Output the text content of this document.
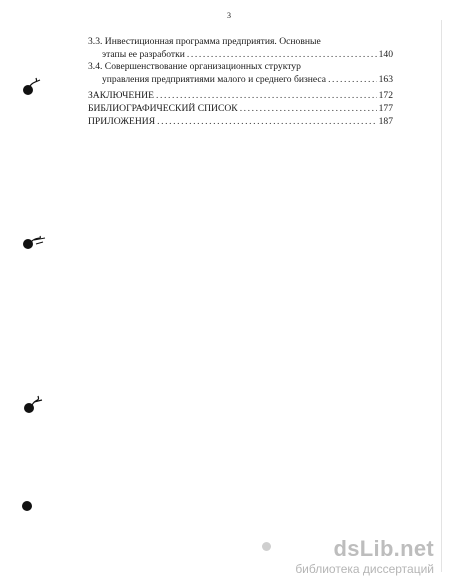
3
3.3. Инвестиционная программа предприятия. Основные
этапы ее разработки .....	140
3.4. Совершенствование организационных структур
управления предприятиями малого и среднего бизнеса .....	163
ЗАКЛЮЧЕНИЕ .....	172
БИБЛИОГРАФИЧЕСКИЙ СПИСОК .....	177
ПРИЛОЖЕНИЯ .....	187
dsLib.net
библиотека диссертаций
